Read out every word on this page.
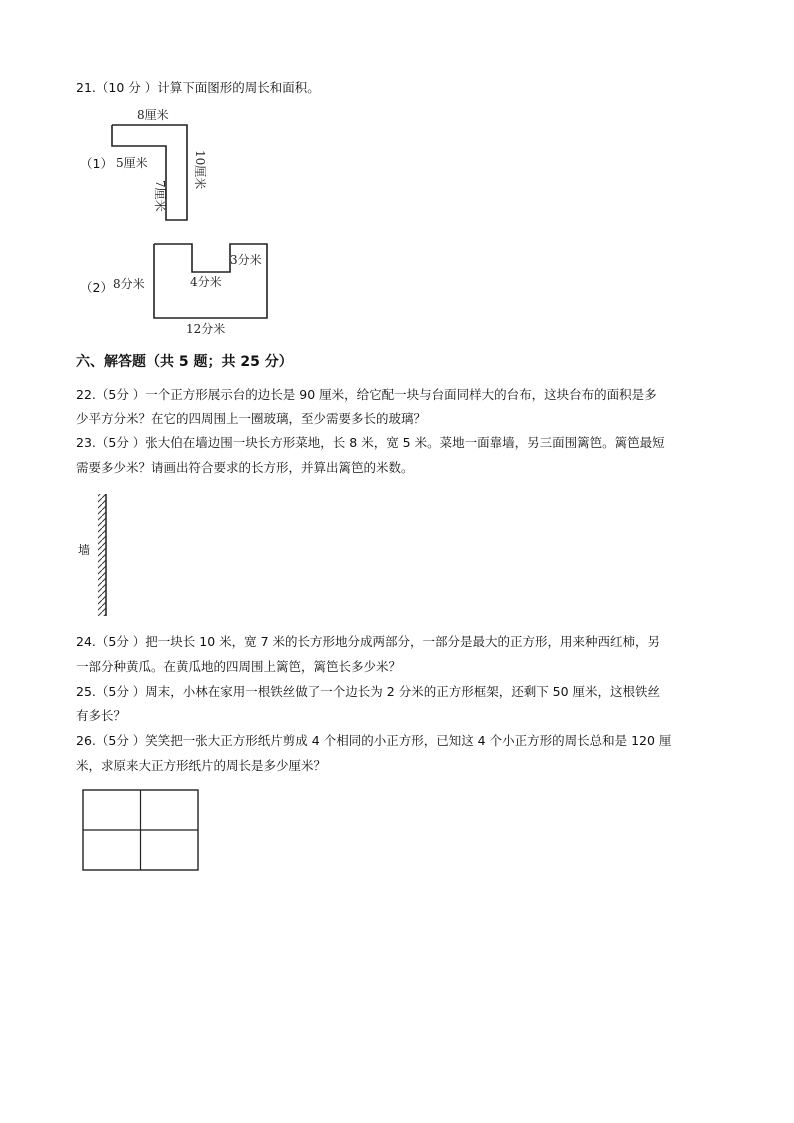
21.（10 分 ）计算下面图形的周长和面积。
（1）
8厘米
5厘米
7厘米
10厘米
（2） 8分米	4分米
3分米
12分米
六、解答题（共 5 题；共 25 分）
22.（5分 ）一个正方形展示台的边长是 90 厘米，给它配一块与台面同样大的台布，这块台布的面积是多
少平方分米？在它的四周围上一圈玻璃，至少需要多长的玻璃？
23.（5分 ）张大伯在墙边围一块长方形菜地，长 8 米，宽 5 米。菜地一面靠墙，另三面围篱笆。篱笆最短
需要多少米？请画出符合要求的长方形，并算出篱笆的米数。
墙
24.（5分 ）把一块长 10 米，宽 7 米的长方形地分成两部分，一部分是最大的正方形，用来种西红柿，另
一部分种黄瓜。在黄瓜地的四周围上篱笆，篱笆长多少米？
25.（5分 ）周末，小林在家用一根铁丝做了一个边长为 2 分米的正方形框架，还剩下 50 厘米，这根铁丝
有多长？
26.（5分 ）笑笑把一张大正方形纸片剪成 4 个相同的小正方形，已知这 4 个小正方形的周长总和是 120 厘
米，求原来大正方形纸片的周长是多少厘米？
